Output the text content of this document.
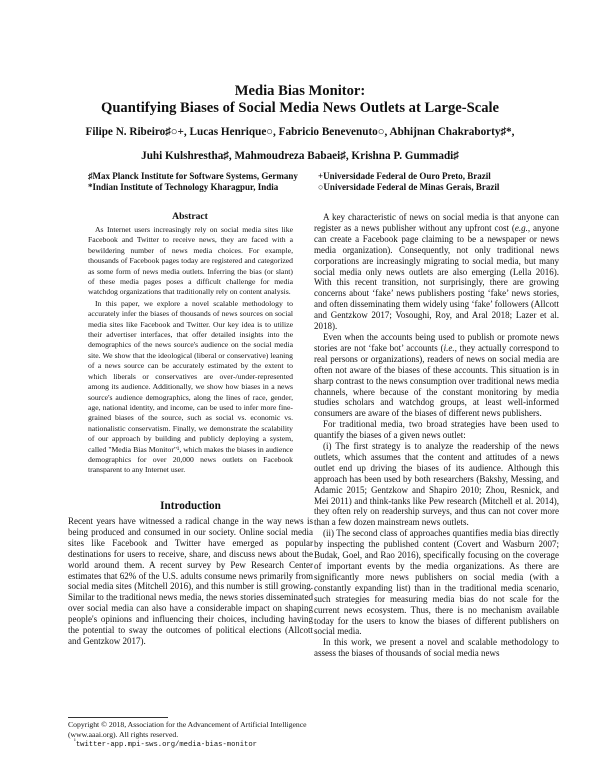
Media Bias Monitor:
Quantifying Biases of Social Media News Outlets at Large-Scale
Filipe N. Ribeiro♯○+, Lucas Henrique○, Fabricio Benevenuto○, Abhijnan Chakraborty♯*,
Juhi Kulshrestha♯, Mahmoudreza Babaei♯, Krishna P. Gummadi♯
♯Max Planck Institute for Software Systems, Germany
*Indian Institute of Technology Kharagpur, India
+Universidade Federal de Ouro Preto, Brazil
○Universidade Federal de Minas Gerais, Brazil
Abstract

As Internet users increasingly rely on social media sites like Facebook and Twitter to receive news, they are faced with a bewildering number of news media choices. For example, thousands of Facebook pages today are registered and categorized as some form of news media outlets. Inferring the bias (or slant) of these media pages poses a difficult challenge for media watchdog organizations that traditionally rely on content analysis.

In this paper, we explore a novel scalable methodology to accurately infer the biases of thousands of news sources on social media sites like Facebook and Twitter. Our key idea is to utilize their advertiser interfaces, that offer detailed insights into the demographics of the news source's audience on the social media site. We show that the ideological (liberal or conservative) leaning of a news source can be accurately estimated by the extent to which liberals or conservatives are over-/under-represented among its audience. Additionally, we show how biases in a news source's audience demographics, along the lines of race, gender, age, national identity, and income, can be used to infer more fine-grained biases of the source, such as social vs. economic vs. nationalistic conservatism. Finally, we demonstrate the scalability of our approach by building and publicly deploying a system, called "Media Bias Monitor"¹, which makes the biases in audience demographics for over 20,000 news outlets on Facebook transparent to any Internet user.

Introduction

Recent years have witnessed a radical change in the way news is being produced and consumed in our society. Online social media sites like Facebook and Twitter have emerged as popular destinations for users to receive, share, and discuss news about the world around them. A recent survey by Pew Research Center estimates that 62% of the U.S. adults consume news primarily from social media sites (Mitchell 2016), and this number is still growing. Similar to the traditional news media, the news stories disseminated over social media can also have a considerable impact on shaping people's opinions and influencing their choices, including having the potential to sway the outcomes of political elections (Allcott and Gentzkow 2017).

Copyright © 2018, Association for the Advancement of Artificial Intelligence (www.aaai.org). All rights reserved.
$^{^1}$twitter-app.mpi-sws.org/media-bias-monitor

A key characteristic of news on social media is that anyone can register as a news publisher without any upfront cost (e.g., anyone can create a Facebook page claiming to be a newspaper or news media organization). Consequently, not only traditional news corporations are increasingly migrating to social media, but many social media only news outlets are also emerging (Lella 2016). With this recent transition, not surprisingly, there are growing concerns about ‘fake’ news publishers posting ‘fake’ news stories, and often disseminating them widely using ‘fake’ followers (Allcott and Gentzkow 2017; Vosoughi, Roy, and Aral 2018; Lazer et al. 2018).

Even when the accounts being used to publish or promote news stories are not ‘fake bot’ accounts (i.e., they actually correspond to real persons or organizations), readers of news on social media are often not aware of the biases of these accounts. This situation is in sharp contrast to the news consumption over traditional news media channels, where because of the constant monitoring by media studies scholars and watchdog groups, at least well-informed consumers are aware of the biases of different news publishers.

For traditional media, two broad strategies have been used to quantify the biases of a given news outlet:

(i) The first strategy is to analyze the readership of the news outlets, which assumes that the content and attitudes of a news outlet end up driving the biases of its audience. Although this approach has been used by both researchers (Bakshy, Messing, and Adamic 2015; Gentzkow and Shapiro 2010; Zhou, Resnick, and Mei 2011) and think-tanks like Pew research (Mitchell et al. 2014), they often rely on readership surveys, and thus can not cover more than a few dozen mainstream news outlets.

(ii) The second class of approaches quantifies media bias directly by inspecting the published content (Covert and Wasburn 2007; Budak, Goel, and Rao 2016), specifically focusing on the coverage of important events by the media organizations. As there are significantly more news publishers on social media (with a constantly expanding list) than in the traditional media scenario, such strategies for measuring media bias do not scale for the current news ecosystem. Thus, there is no mechanism available today for the users to know the biases of different publishers on social media.

In this work, we present a novel and scalable methodology to assess the biases of thousands of social media news
